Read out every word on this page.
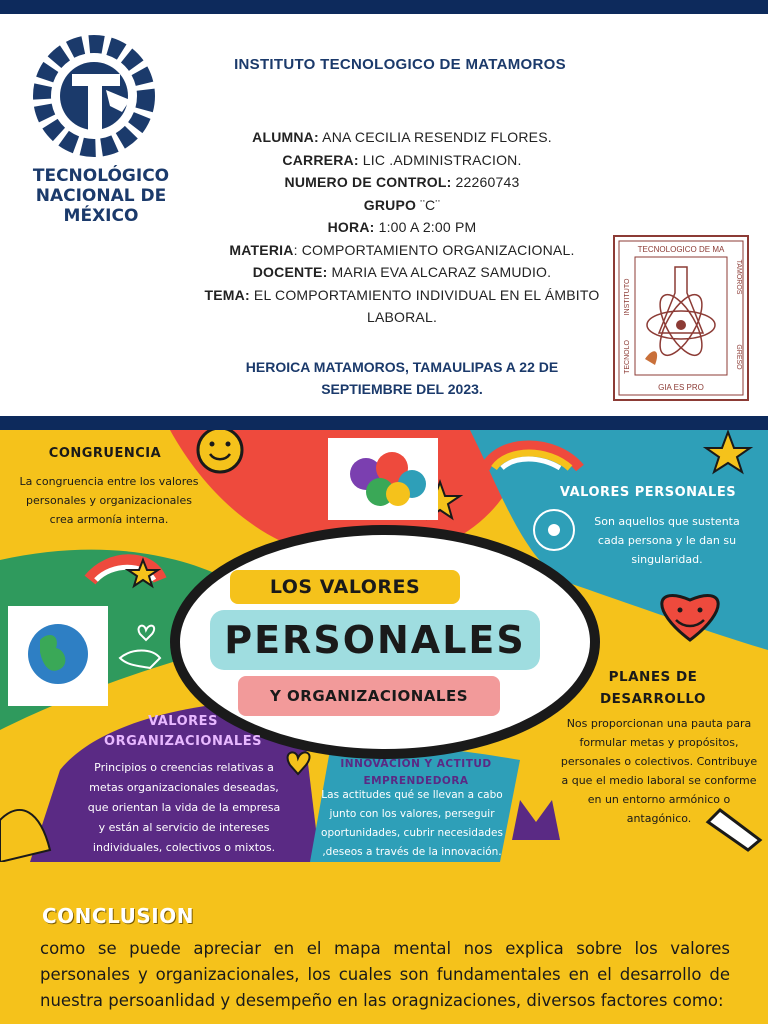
TECNOLÓGICO
NACIONAL DE MÉXICO
INSTITUTO TECNOLOGICO DE MATAMOROS
ALUMNA: ANA CECILIA RESENDIZ FLORES.
CARRERA: LIC .ADMINISTRACION.
NUMERO DE CONTROL: 22260743
GRUPO ¨C¨
HORA: 1:00 A 2:00 PM
MATERIA: COMPORTAMIENTO ORGANIZACIONAL.
DOCENTE: MARIA EVA ALCARAZ SAMUDIO.
TEMA: EL COMPORTAMIENTO INDIVIDUAL EN EL ÁMBITO LABORAL.
HEROICA MATAMOROS, TAMAULIPAS A 22 DE
SEPTIEMBRE DEL 2023.
TECNOLOGICO DE MA
INSTITUTO
TAMOROS
TECNOLO	GRESO
GIA ES PRO
CONGRUENCIA
La congruencia entre los valores personales y organizacionales crea armonía interna.
VALORES PERSONALES
Son aquellos que sustenta cada persona y le dan su singularidad.
LOS VALORES
PERSONALES
Y ORGANIZACIONALES
PLANES DE DESARROLLO
Nos proporcionan una pauta para formular metas y propósitos, personales o colectivos. Contribuye a que el medio laboral se conforme en un entorno armónico o antagónico.
VALORES ORGANIZACIONALES
Principios o creencias relativas a metas organizacionales deseadas, que orientan la vida de la empresa y están al servicio de intereses individuales, colectivos o mixtos.
INNOVACION Y ACTITUD EMPRENDEDORA
Las actitudes qué se llevan a cabo junto con los valores, perseguir oportunidades, cubrir necesidades ,deseos a través de la innovación.
CONCLUSION
como se puede apreciar en el mapa mental nos explica sobre los valores personales y organizacionales, los cuales son fundamentales en el desarrollo de nuestra persoanlidad y desempeño en las oragnizaciones, diversos factores como:
